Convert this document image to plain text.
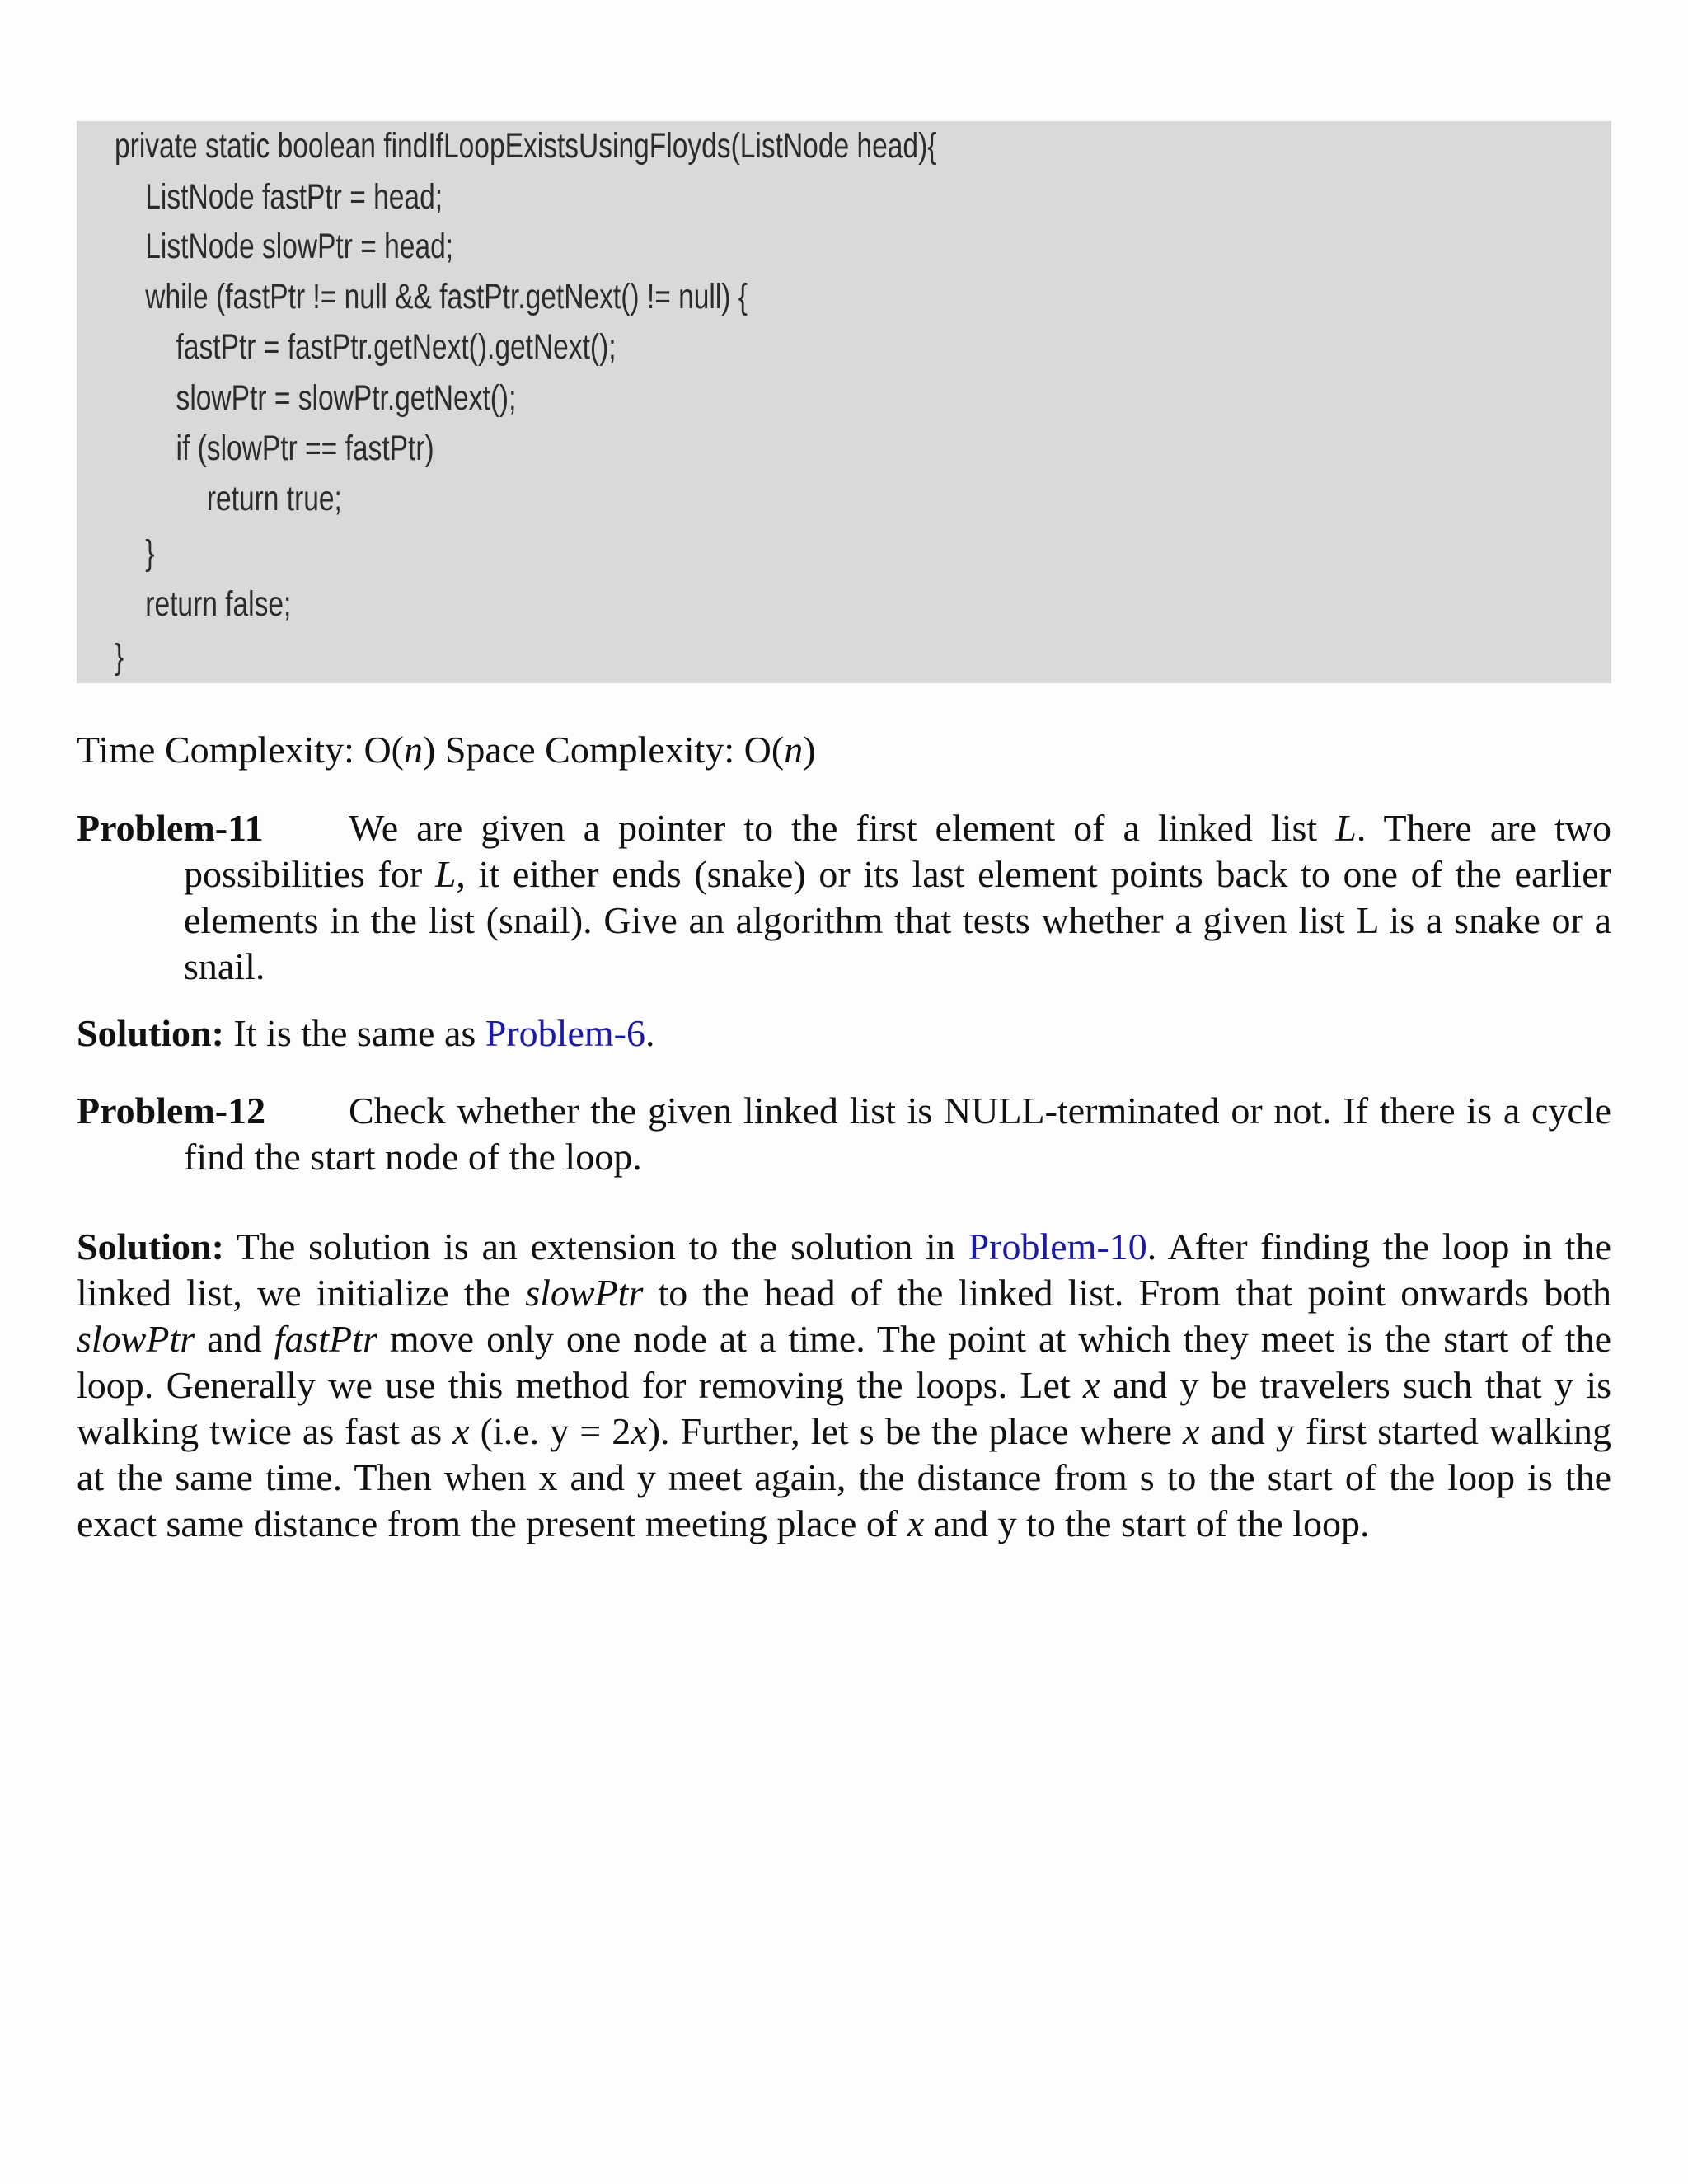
private static boolean findIfLoopExistsUsingFloyds(ListNode head){
ListNode fastPtr = head;
ListNode slowPtr = head;
while (fastPtr != null && fastPtr.getNext() != null) {
fastPtr = fastPtr.getNext().getNext();
slowPtr = slowPtr.getNext();
if (slowPtr == fastPtr)
return true;
}
return false;
}
Time Complexity: O(n) Space Complexity: O(n)
Problem-11 We are given a pointer to the first element of a linked list L. There are two possibilities for L, it either ends (snake) or its last element points back to one of the earlier elements in the list (snail). Give an algorithm that tests whether a given list L is a snake or a snail.
Solution: It is the same as Problem-6.
Problem-12 Check whether the given linked list is NULL-terminated or not. If there is a cycle find the start node of the loop.
Solution: The solution is an extension to the solution in Problem-10. After finding the loop in the linked list, we initialize the slowPtr to the head of the linked list. From that point onwards both slowPtr and fastPtr move only one node at a time. The point at which they meet is the start of the loop. Generally we use this method for removing the loops. Let x and y be travelers such that y is walking twice as fast as x (i.e. y = 2x). Further, let s be the place where x and y first started walking at the same time. Then when x and y meet again, the distance from s to the start of the loop is the exact same distance from the present meeting place of x and y to the start of the loop.
